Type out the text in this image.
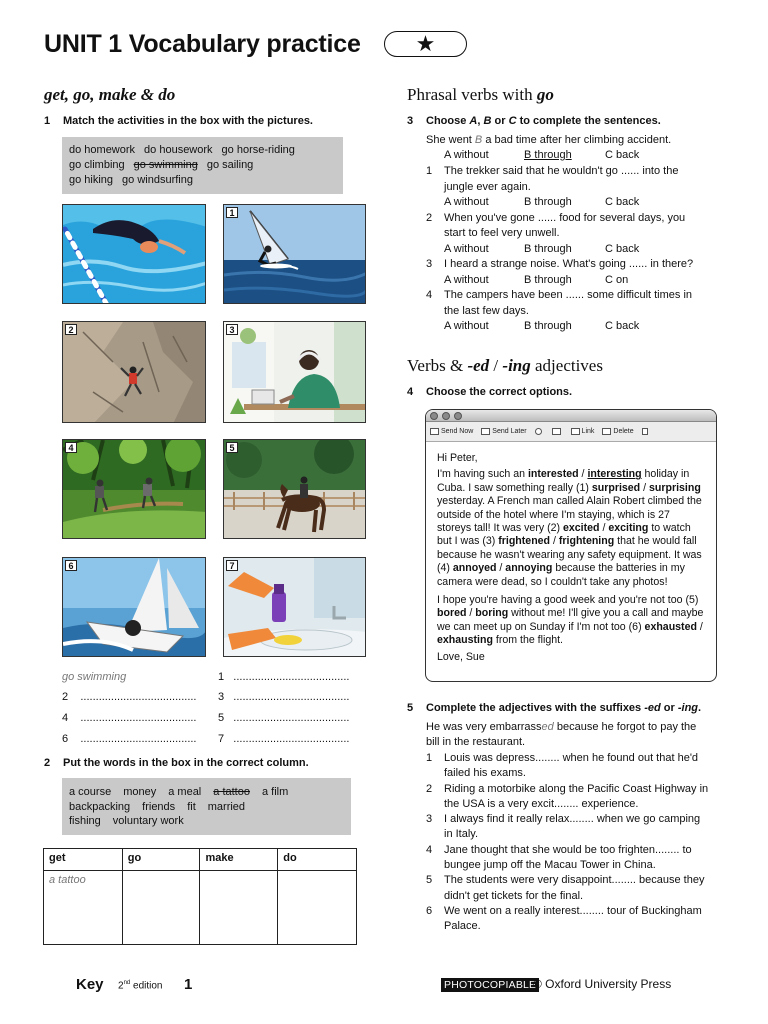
UNIT 1 Vocabulary practice ★
get, go, make & do
1 Match the activities in the box with the pictures.
do homework do housework go horse-riding
go climbing go swimming go sailing
go hiking go windsurfing
1
2	3
4	5
6	7
go swimming	1 ......................................
2 ...................................... 3 ......................................
4 ...................................... 5 ......................................
6 ...................................... 7 ......................................
2 Put the words in the box in the correct column.
a course money a meal a tattoo a film
backpacking friends fit married
fishing voluntary work
get	go	make	do
a tattoo			
Phrasal verbs with go
3 Choose A, B or C to complete the sentences.
She went B a bad time after her climbing accident.
A without	B through	C back
1 The trekker said that he wouldn't go ...... into the
jungle ever again.
A without	B through	C back
2 When you've gone ...... food for several days, you
start to feel very unwell.
A without	B through	C back
3 I heard a strange noise. What's going ...... in there?
A without	B through	C on
4 The campers have been ...... some difficult times in
the last few days.
A without	B through	C back
Verbs & -ed / -ing adjectives
4 Choose the correct options.
Send Now	Send Later	Link	Delete

Hi Peter,

I'm having such an interested / interesting holiday in Cuba. I saw something really (1) surprised / surprising yesterday. A French man called Alain Robert climbed the outside of the hotel where I'm staying, which is 27 storeys tall! It was very (2) excited / exciting to watch but I was (3) frightened / frightening that he would fall because he wasn't wearing any safety equipment. It was (4) annoyed / annoying because the batteries in my camera were dead, so I couldn't take any photos!

I hope you're having a good week and you're not too (5) bored / boring without me! I'll give you a call and maybe we can meet up on Sunday if I'm not too (6) exhausted / exhausting from the flight.

Love, Sue

5 Complete the adjectives with the suffixes -ed or -ing.
He was very embarrassed because he forgot to pay the
bill in the restaurant.
1 Louis was depress........ when he found out that he'd
failed his exams.
2 Riding a motorbike along the Pacific Coast Highway in
the USA is a very excit........ experience.
3 I always find it really relax........ when we go camping
in Italy.
4 Jane thought that she would be too frighten........ to
bungee jump off the Macau Tower in China.
5 The students were very disappoint........ because they
didn't get tickets for the final.
6 We went on a really interest........ tour of Buckingham
Palace.
Key 2nd edition 1	PHOTOCOPIABLE
© Oxford University Press
